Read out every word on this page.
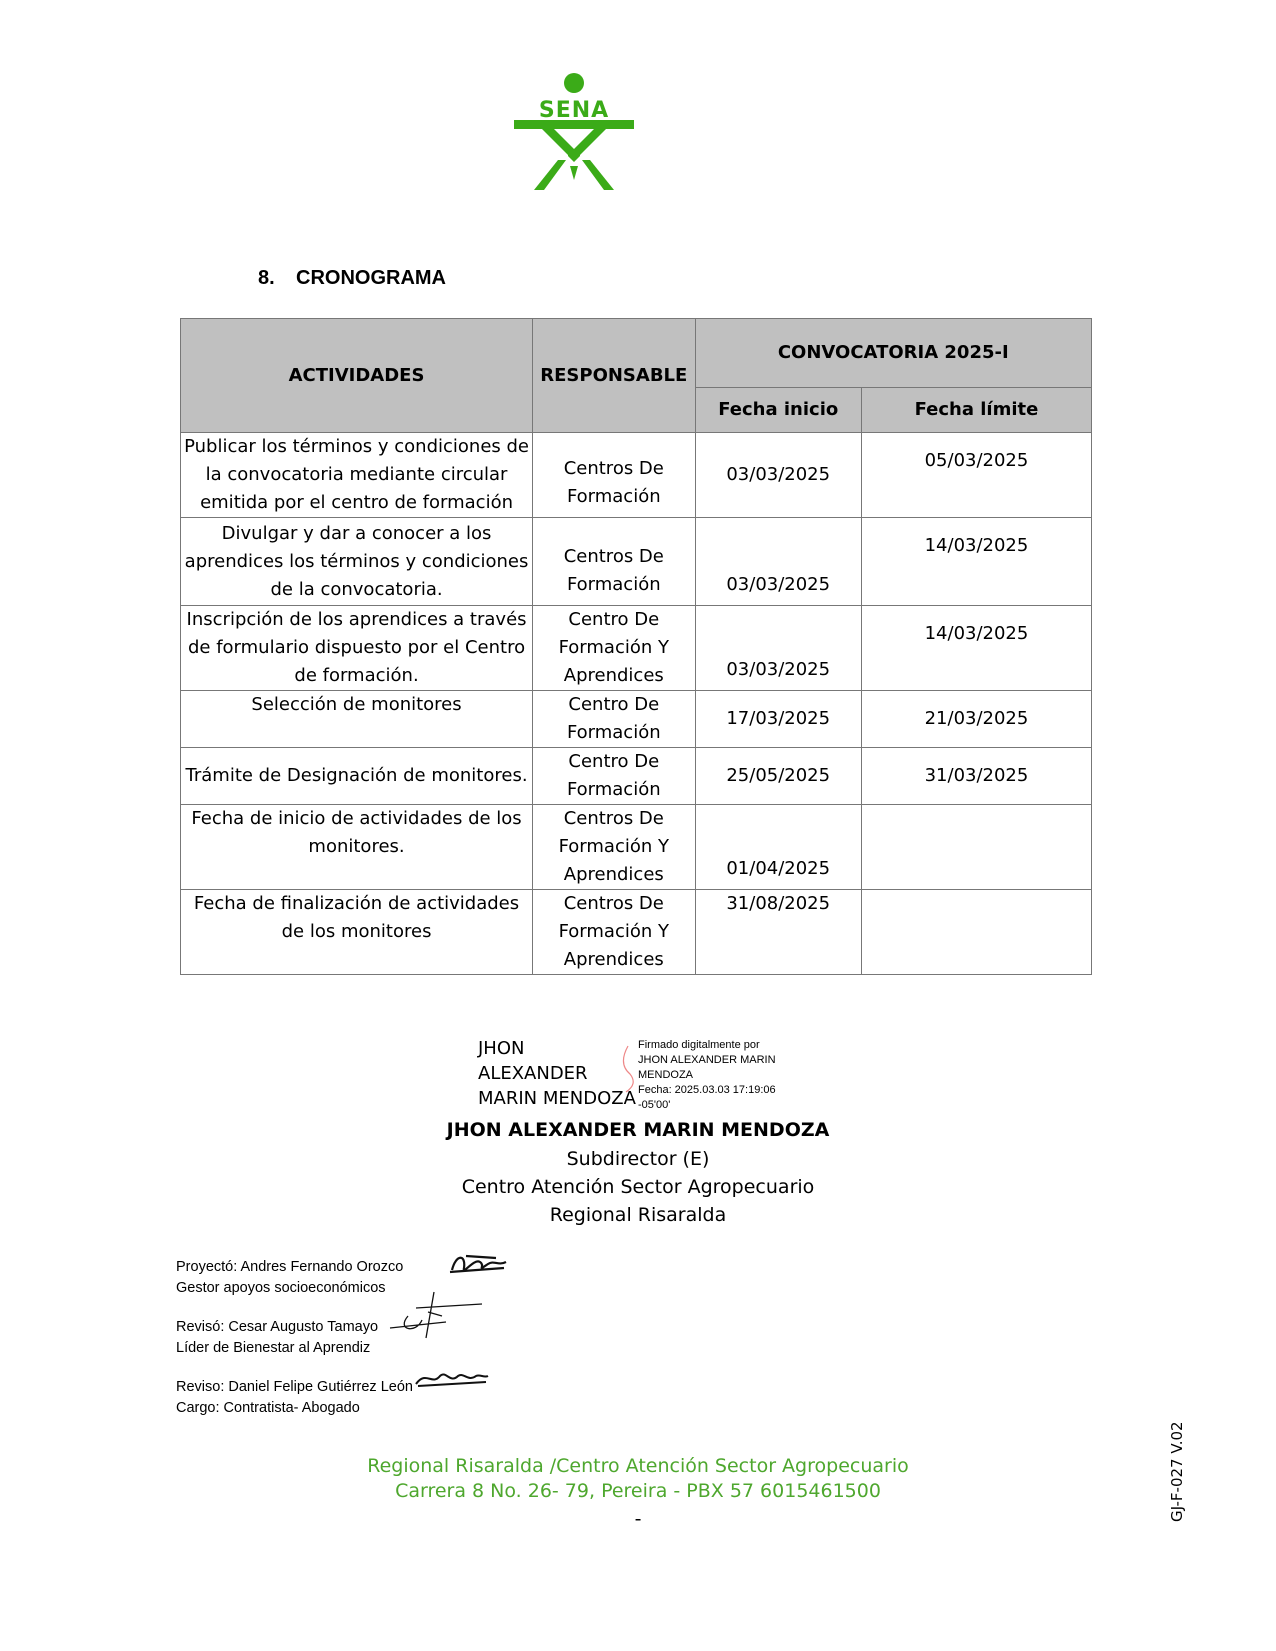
SENA
8. CRONOGRAMA
ACTIVIDADES	RESPONSABLE	CONVOCATORIA 2025-I	
		Fecha inicio	Fecha límite
Publicar los términos y condiciones de la convocatoria mediante circular emitida por el centro de formación	Centros De Formación	03/03/2025	05/03/2025
Divulgar y dar a conocer a los aprendices los términos y condiciones de la convocatoria.	Centros De Formación	03/03/2025	14/03/2025
Inscripción de los aprendices a través de formulario dispuesto por el Centro de formación.	Centro De Formación Y Aprendices	03/03/2025	14/03/2025
Selección de monitores	Centro De Formación	17/03/2025	21/03/2025
Trámite de Designación de monitores.	Centro De Formación	25/05/2025	31/03/2025
Fecha de inicio de actividades de los monitores.	Centros De Formación Y Aprendices	01/04/2025	
Fecha de finalización de actividades de los monitores	Centros De Formación Y Aprendices	31/08/2025	
JHON
ALEXANDER
MARIN MENDOZA
Firmado digitalmente por
JHON ALEXANDER MARIN
MENDOZA
Fecha: 2025.03.03 17:19:06
-05'00'
JHON ALEXANDER MARIN MENDOZA
Subdirector (E)
Centro Atención Sector Agropecuario
Regional Risaralda
Proyectó: Andres Fernando Orozco
Gestor apoyos socioeconómicos
Revisó: Cesar Augusto Tamayo
Líder de Bienestar al Aprendiz
Reviso: Daniel Felipe Gutiérrez León
Cargo: Contratista- Abogado
Regional Risaralda /Centro Atención Sector Agropecuario
Carrera 8 No. 26- 79, Pereira - PBX 57 6015461500
-	GJ-F-027 V.02
